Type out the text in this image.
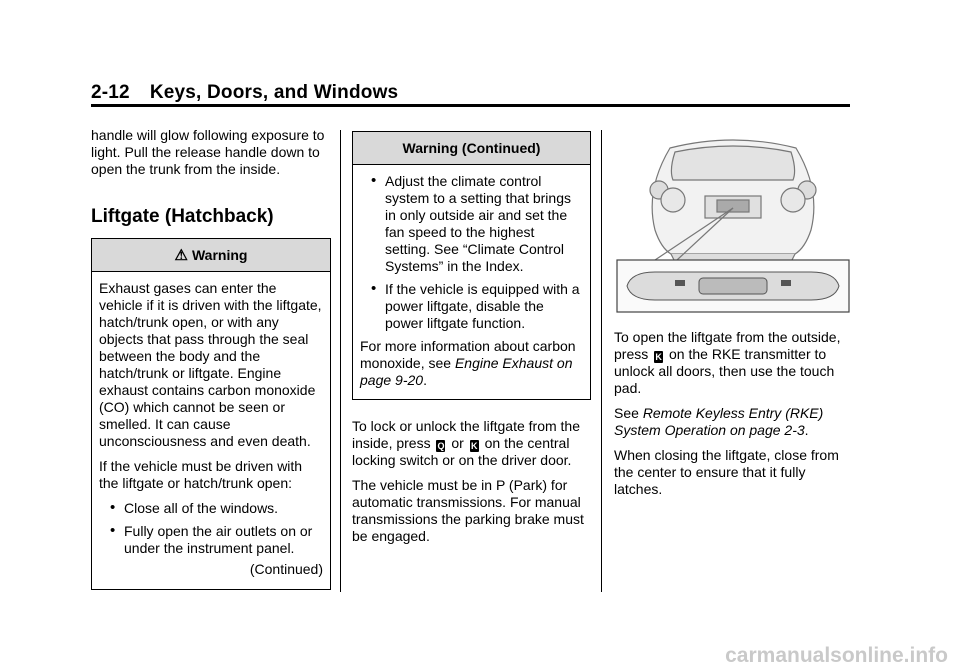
2-12 Keys, Doors, and Windows

handle will glow following exposure to light. Pull the release handle down to open the trunk from the inside.

Liftgate (Hatchback)
⚠ Warning

Exhaust gases can enter the vehicle if it is driven with the liftgate, hatch/trunk open, or with any objects that pass through the seal between the body and the hatch/trunk or liftgate. Engine exhaust contains carbon monoxide (CO) which cannot be seen or smelled. It can cause unconsciousness and even death.

If the vehicle must be driven with the liftgate or hatch/trunk open:

• Close all of the windows.
• Fully open the air outlets on or under the instrument panel.
(Continued)
Warning (Continued)
• Adjust the climate control system to a setting that brings in only outside air and set the fan speed to the highest setting. See “Climate Control Systems” in the Index.
• If the vehicle is equipped with a power liftgate, disable the power liftgate function.

For more information about carbon monoxide, see Engine Exhaust on page 9-20.

To lock or unlock the liftgate from the inside, press Q or K on the central locking switch or on the driver door.

The vehicle must be in P (Park) for automatic transmissions. For manual transmissions the parking brake must be engaged.

To open the liftgate from the outside, press K on the RKE transmitter to unlock all doors, then use the touch pad.

See Remote Keyless Entry (RKE) System Operation on page 2-3.

When closing the liftgate, close from the center to ensure that it fully latches.

carmanualsonline.info
